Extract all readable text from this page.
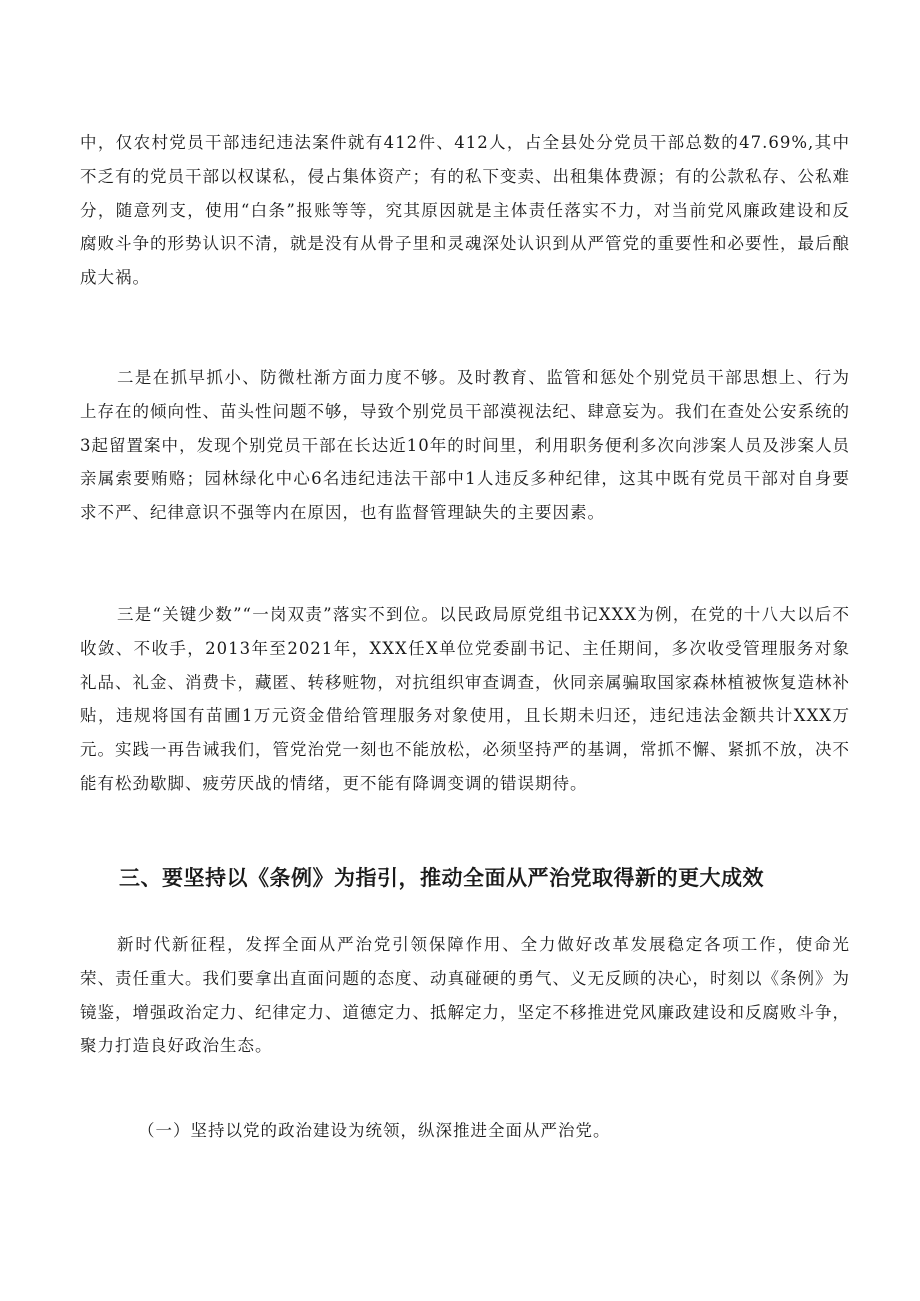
中，仅农村党员干部违纪违法案件就有412件、412人，占全县处分党员干部总数的47.69%,其中不乏有的党员干部以权谋私，侵占集体资产；有的私下变卖、出租集体费源；有的公款私存、公私难分，随意列支，使用“白条”报账等等，究其原因就是主体责任落实不力，对当前党风廉政建设和反腐败斗争的形势认识不清，就是没有从骨子里和灵魂深处认识到从严管党的重要性和必要性，最后酿成大祸。

二是在抓早抓小、防微杜渐方面力度不够。及时教育、监管和惩处个别党员干部思想上、行为上存在的倾向性、苗头性问题不够，导致个别党员干部漠视法纪、肆意妄为。我们在查处公安系统的3起留置案中，发现个别党员干部在长达近10年的时间里，利用职务便利多次向涉案人员及涉案人员亲属索要贿赂；园林绿化中心6名违纪违法干部中1人违反多种纪律，这其中既有党员干部对自身要求不严、纪律意识不强等内在原因，也有监督管理缺失的主要因素。

三是“关键少数”“一岗双责”落实不到位。以民政局原党组书记XXX为例，在党的十八大以后不收敛、不收手，2013年至2021年，XXX任X单位党委副书记、主任期间，多次收受管理服务对象礼品、礼金、消费卡，藏匿、转移赃物，对抗组织审查调查，伙同亲属骗取国家森林植被恢复造林补贴，违规将国有苗圃1万元资金借给管理服务对象使用，且长期未归还，违纪违法金额共计XXX万元。实践一再告诫我们，管党治党一刻也不能放松，必须坚持严的基调，常抓不懈、紧抓不放，决不能有松劲歇脚、疲劳厌战的情绪，更不能有降调变调的错误期待。

三、要坚持以《条例》为指引，推动全面从严治党取得新的更大成效

新时代新征程，发挥全面从严治党引领保障作用、全力做好改革发展稳定各项工作，使命光荣、责任重大。我们要拿出直面问题的态度、动真碰硬的勇气、义无反顾的决心，时刻以《条例》为镜鉴，增强政治定力、纪律定力、道德定力、抵解定力，坚定不移推进党风廉政建设和反腐败斗争，聚力打造良好政治生态。

（一）坚持以党的政治建设为统领，纵深推进全面从严治党。
